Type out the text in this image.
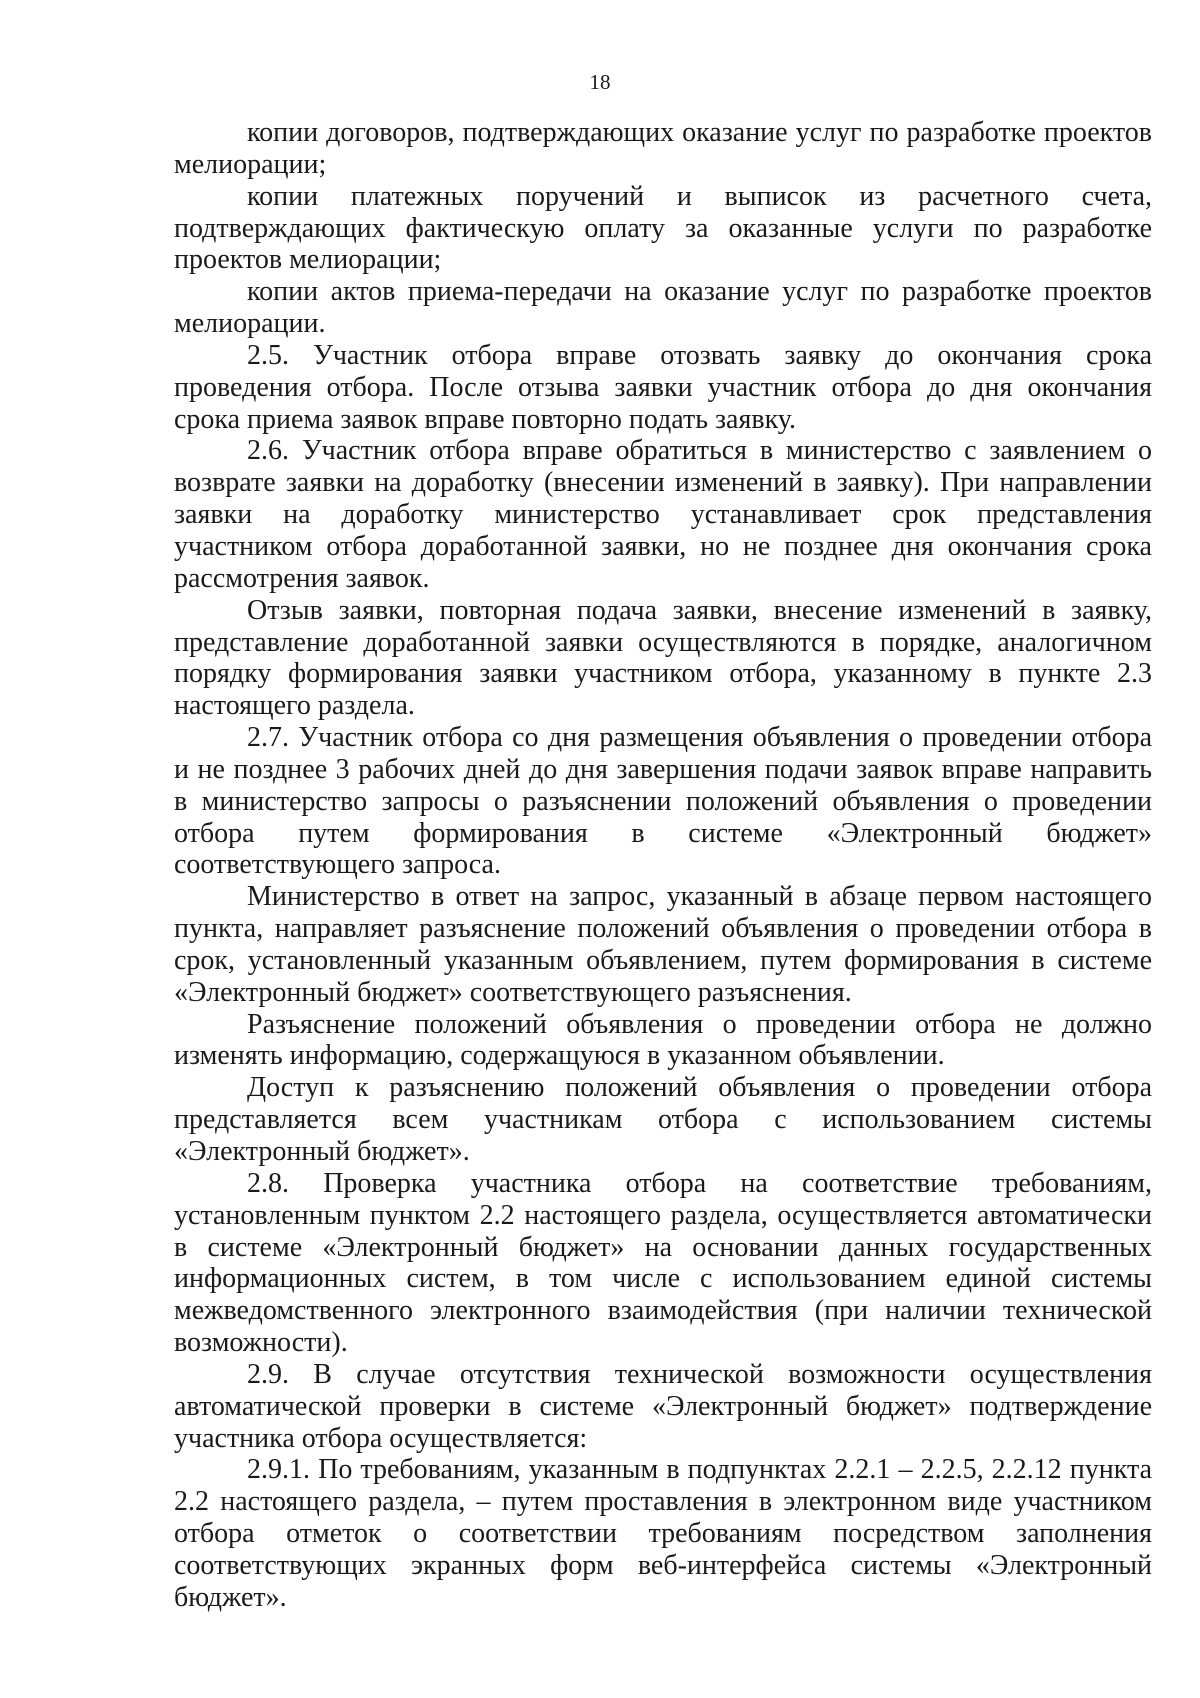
18

копии договоров, подтверждающих оказание услуг по разработке проектов мелиорации;

копии платежных поручений и выписок из расчетного счета, подтверждающих фактическую оплату за оказанные услуги по разработке проектов мелиорации;

копии актов приема-передачи на оказание услуг по разработке проектов мелиорации.

2.5. Участник отбора вправе отозвать заявку до окончания срока проведения отбора. После отзыва заявки участник отбора до дня окончания срока приема заявок вправе повторно подать заявку.

2.6. Участник отбора вправе обратиться в министерство с заявлением о возврате заявки на доработку (внесении изменений в заявку). При направлении заявки на доработку министерство устанавливает срок представления участником отбора доработанной заявки, но не позднее дня окончания срока рассмотрения заявок.

Отзыв заявки, повторная подача заявки, внесение изменений в заявку, представление доработанной заявки осуществляются в порядке, аналогичном порядку формирования заявки участником отбора, указанному в пункте 2.3 настоящего раздела.

2.7. Участник отбора со дня размещения объявления о проведении отбора и не позднее 3 рабочих дней до дня завершения подачи заявок вправе направить в министерство запросы о разъяснении положений объявления о проведении отбора путем формирования в системе «Электронный бюджет» соответствующего запроса.

Министерство в ответ на запрос, указанный в абзаце первом настоящего пункта, направляет разъяснение положений объявления о проведении отбора в срок, установленный указанным объявлением, путем формирования в системе «Электронный бюджет» соответствующего разъяснения.

Разъяснение положений объявления о проведении отбора не должно изменять информацию, содержащуюся в указанном объявлении.

Доступ к разъяснению положений объявления о проведении отбора представляется всем участникам отбора с использованием системы «Электронный бюджет».

2.8. Проверка участника отбора на соответствие требованиям, установленным пунктом 2.2 настоящего раздела, осуществляется автоматически в системе «Электронный бюджет» на основании данных государственных информационных систем, в том числе с использованием единой системы межведомственного электронного взаимодействия (при наличии технической возможности).

2.9. В случае отсутствия технической возможности осуществления автоматической проверки в системе «Электронный бюджет» подтверждение участника отбора осуществляется:

2.9.1. По требованиям, указанным в подпунктах 2.2.1 – 2.2.5, 2.2.12 пункта 2.2 настоящего раздела, – путем проставления в электронном виде участником отбора отметок о соответствии требованиям посредством заполнения соответствующих экранных форм веб-интерфейса системы «Электронный бюджет».
